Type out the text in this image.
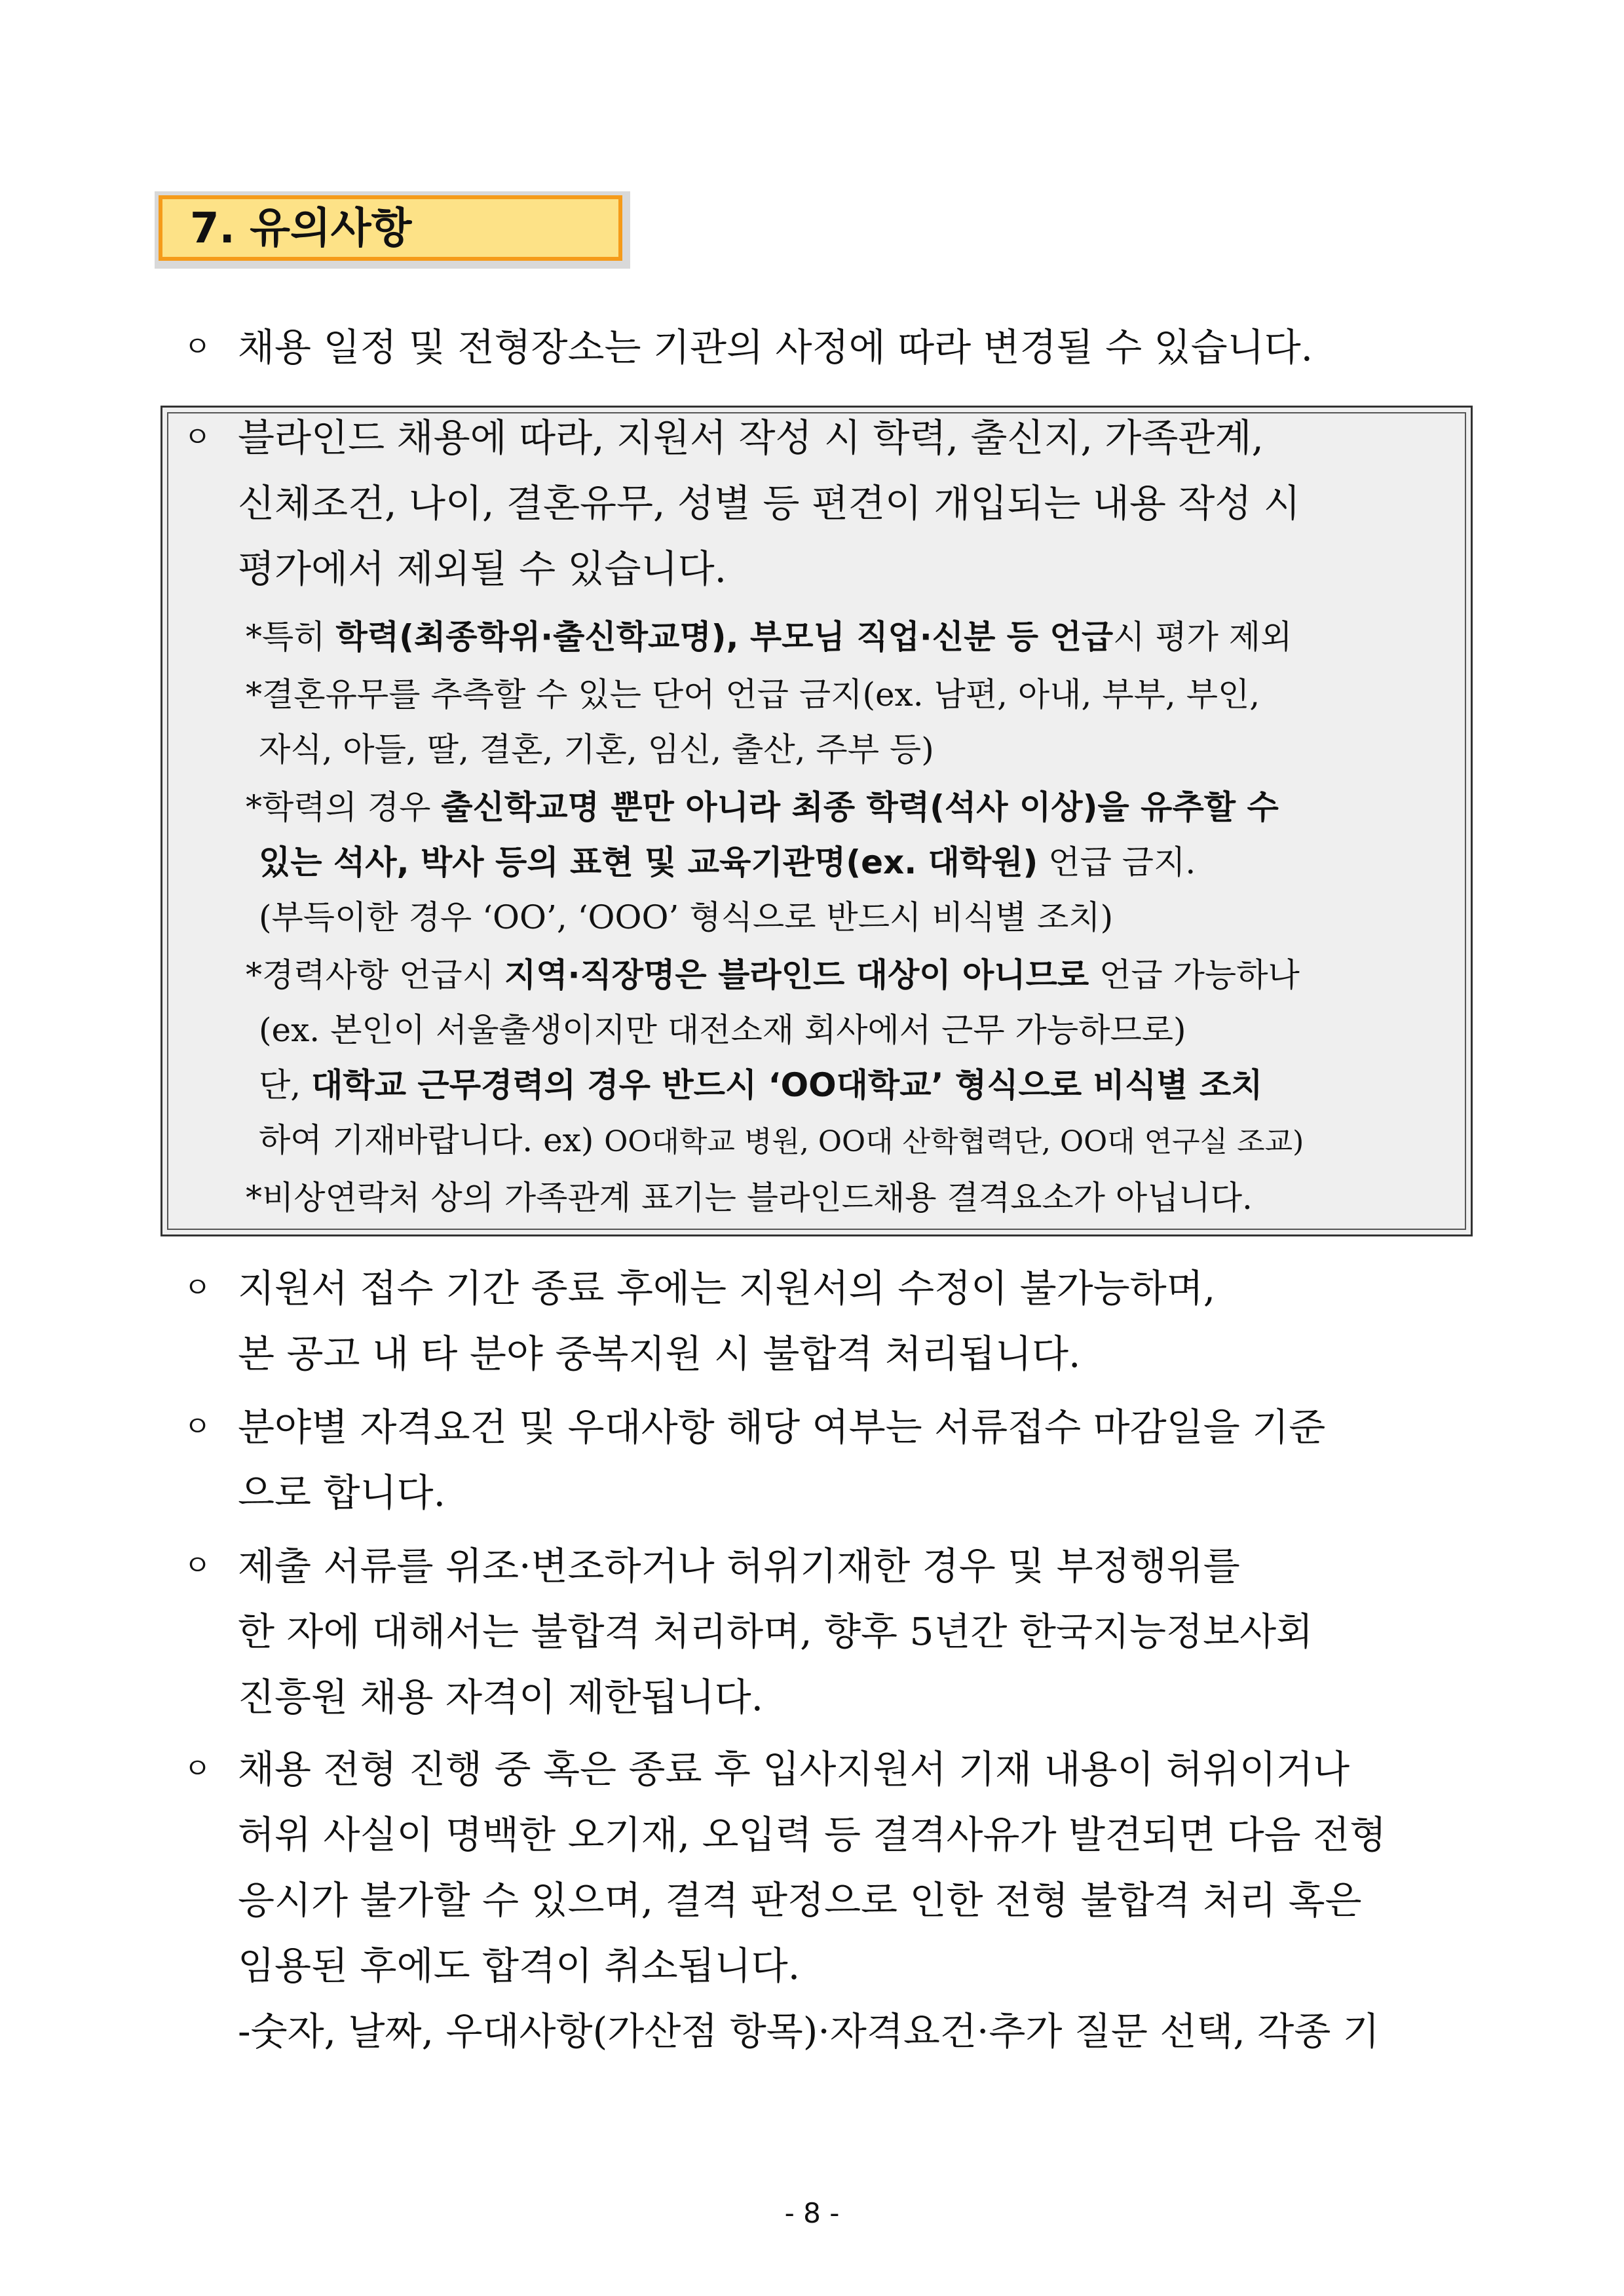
7. 유의사항
ㅇ 채용 일정 및 전형장소는 기관의 사정에 따라 변경될 수 있습니다.
ㅇ 블라인드 채용에 따라, 지원서 작성 시 학력, 출신지, 가족관계,
신체조건, 나이, 결혼유무, 성별 등 편견이 개입되는 내용 작성 시
평가에서 제외될 수 있습니다.
*특히 학력(최종학위·출신학교명), 부모님 직업·신분 등 언급시 평가 제외
*결혼유무를 추측할 수 있는 단어 언급 금지(ex. 남편, 아내, 부부, 부인,
자식, 아들, 딸, 결혼, 기혼, 임신, 출산, 주부 등)
*학력의 경우 출신학교명 뿐만 아니라 최종 학력(석사 이상)을 유추할 수
있는 석사, 박사 등의 표현 및 교육기관명(ex. 대학원) 언급 금지.
(부득이한 경우 ‘OO’, ‘OOO’ 형식으로 반드시 비식별 조치)
*경력사항 언급시 지역·직장명은 블라인드 대상이 아니므로 언급 가능하나
(ex. 본인이 서울출생이지만 대전소재 회사에서 근무 가능하므로)
단, 대학교 근무경력의 경우 반드시 ‘OO대학교’ 형식으로 비식별 조치
하여 기재바랍니다. ex) OO대학교 병원, OO대 산학협력단, OO대 연구실 조교)
*비상연락처 상의 가족관계 표기는 블라인드채용 결격요소가 아닙니다.
ㅇ 지원서 접수 기간 종료 후에는 지원서의 수정이 불가능하며,
본 공고 내 타 분야 중복지원 시 불합격 처리됩니다.
ㅇ 분야별 자격요건 및 우대사항 해당 여부는 서류접수 마감일을 기준
으로 합니다.
ㅇ 제출 서류를 위조·변조하거나 허위기재한 경우 및 부정행위를
한 자에 대해서는 불합격 처리하며, 향후 5년간 한국지능정보사회
진흥원 채용 자격이 제한됩니다.
ㅇ 채용 전형 진행 중 혹은 종료 후 입사지원서 기재 내용이 허위이거나
허위 사실이 명백한 오기재, 오입력 등 결격사유가 발견되면 다음 전형
응시가 불가할 수 있으며, 결격 판정으로 인한 전형 불합격 처리 혹은
임용된 후에도 합격이 취소됩니다.
-숫자, 날짜, 우대사항(가산점 항목)·자격요건·추가 질문 선택, 각종 기
- 8 -
